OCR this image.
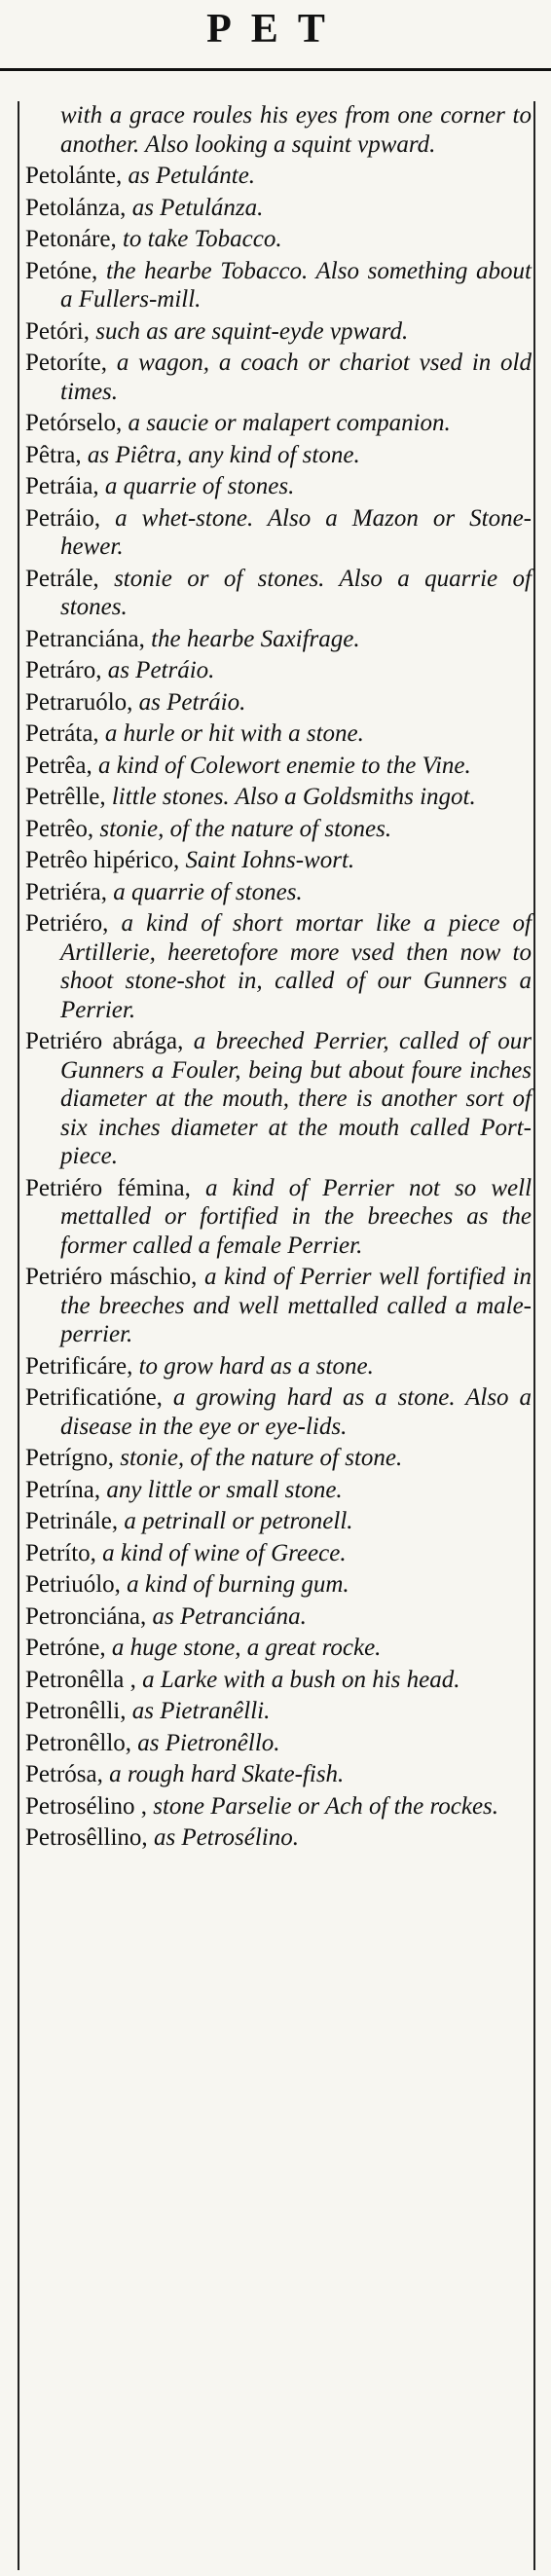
PET
with a grace roules his eyes from one corner to another. Also looking a squint vpward.
Petolánte, as Petulánte.
Petolánza, as Petulánza.
Petonáre, to take Tobacco.
Petóne, the hearbe Tobacco. Also something about a Fullers-mill.
Petóri, such as are squint-eyde vpward.
Petoríte, a wagon, a coach or chariot vsed in old times.
Petórselo, a saucie or malapert companion.
Pêtra, as Piêtra, any kind of stone.
Petráia, a quarrie of stones.
Petráio, a whet-stone. Also a Mazon or Stone-hewer.
Petrále, stonie or of stones. Also a quarrie of stones.
Petranciána, the hearbe Saxifrage.
Petráro, as Petráio.
Petraruólo, as Petráio.
Petráta, a hurle or hit with a stone.
Petrêa, a kind of Colewort enemie to the Vine.
Petrêlle, little stones. Also a Goldsmiths ingot.
Petrêo, stonie, of the nature of stones.
Petrêo hipérico, Saint Iohns-wort.
Petriéra, a quarrie of stones.
Petriéro, a kind of short mortar like a piece of Artillerie, heeretofore more vsed then now to shoot stone-shot in, called of our Gunners a Perrier.
Petriéro abrága, a breeched Perrier, called of our Gunners a Fouler, being but about foure inches diameter at the mouth, there is another sort of six inches diameter at the mouth called Port-piece.
Petriéro fémina, a kind of Perrier not so well mettalled or fortified in the breeches as the former called a female Perrier.
Petriéro máschio, a kind of Perrier well fortified in the breeches and well mettalled called a male-perrier.
Petrificáre, to grow hard as a stone.
Petrificatióne, a growing hard as a stone. Also a disease in the eye or eye-lids.
Petrígno, stonie, of the nature of stone.
Petrína, any little or small stone.
Petrinále, a petrinall or petronell.
Petríto, a kind of wine of Greece.
Petriuólo, a kind of burning gum.
Petronciána, as Petranciána.
Petróne, a huge stone, a great rocke.
Petronêlla , a Larke with a bush on his head.
Petronêlli, as Pietranêlli.
Petronêllo, as Pietronêllo.
Petrósa, a rough hard Skate-fish.
Petrosélino , stone Parselie or Ach of the rockes.
Petrosêllino, as Petrosélino.
